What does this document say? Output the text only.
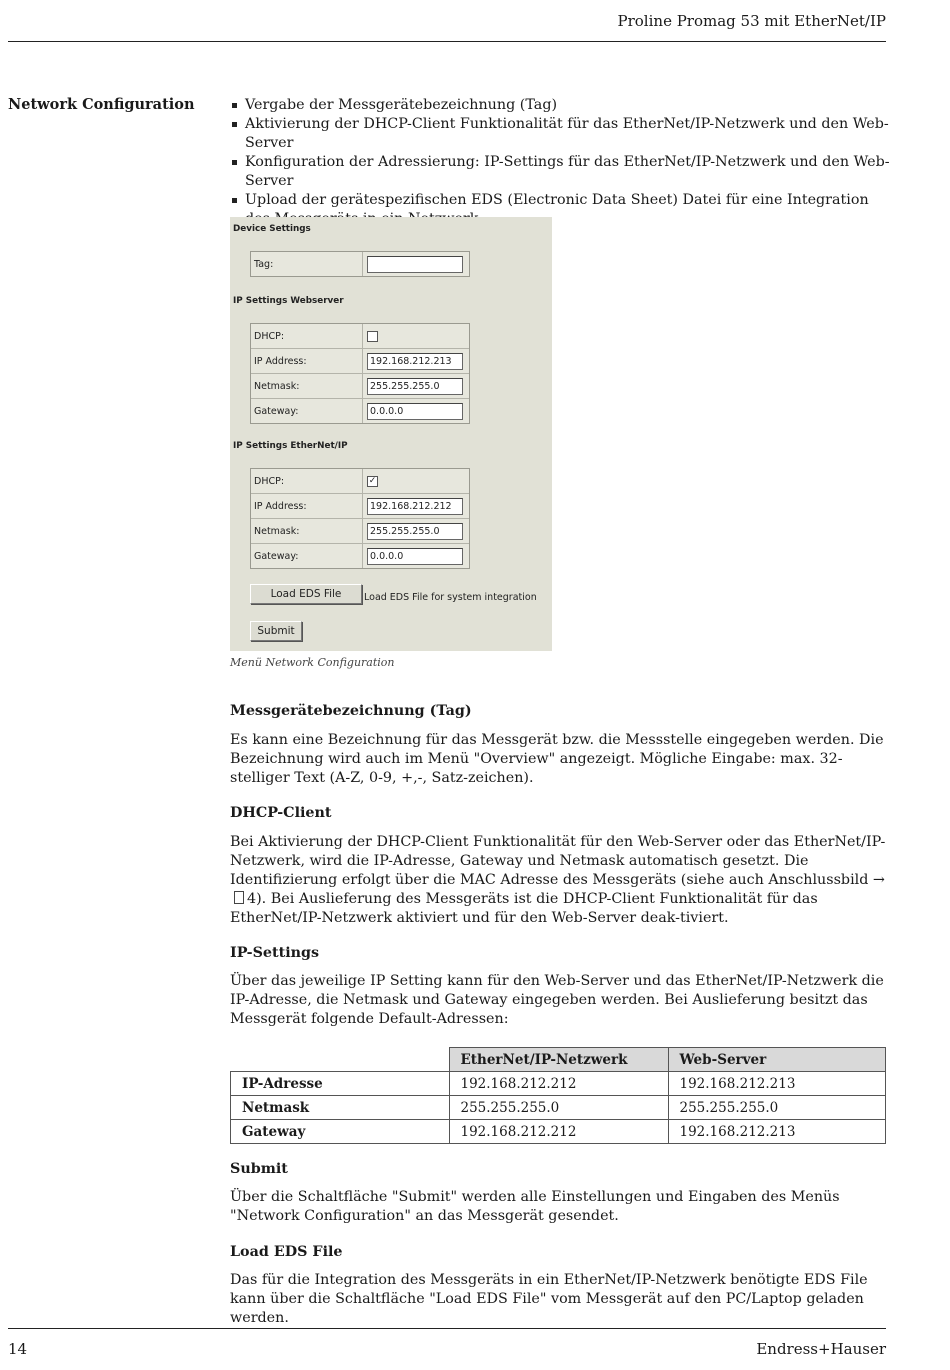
Proline Promag 53 mit EtherNet/IP
Network Configuration	Vergabe der Messgerätebezeichnung (Tag)
Aktivierung der DHCP-Client Funktionalität für das EtherNet/IP-Netzwerk und den Web-Server
Konfiguration der Adressierung: IP-Settings für das EtherNet/IP-Netzwerk und den Web-Server
Upload der gerätespezifischen EDS (Electronic Data Sheet) Datei für eine Integration
Device Settings
Tag:
IP Settings Webserver
DHCP:
IP Address:	192.168.212.213
Netmask:	255.255.255.0
Gateway:	0.0.0.0
IP Settings EtherNet/IP
DHCP:	✓
IP Address:	192.168.212.212
Netmask:	255.255.255.0
Gateway:	0.0.0.0
Load EDS File	Load EDS File for system integration
Submit
Menü Network Configuration
Messgerätebezeichnung (Tag)

Es kann eine Bezeichnung für das Messgerät bzw. die Messstelle eingegeben werden. Die Bezeichnung wird auch im Menü "Overview" angezeigt. Mögliche Eingabe: max. 32-stelliger Text (A-Z, 0-9, +,-, Satz-zeichen).

DHCP-Client

Bei Aktivierung der DHCP-Client Funktionalität für den Web-Server oder das EtherNet/IP-Netzwerk, wird die IP-Adresse, Gateway und Netmask automatisch gesetzt. Die Identifizierung erfolgt über die MAC Adresse des Messgeräts (siehe auch Anschlussbild →4). Bei Auslieferung des Messgeräts ist die DHCP-Client Funktionalität für das EtherNet/IP-Netzwerk aktiviert und für den Web-Server deak-tiviert.

IP-Settings

Über das jeweilige IP Setting kann für den Web-Server und das EtherNet/IP-Netzwerk die IP-Adresse, die Netmask und Gateway eingegeben werden. Bei Auslieferung besitzt das Messgerät folgende Default-Adressen:

	EtherNet/IP-Netzwerk	Web-Server
IP-Adresse	192.168.212.212	192.168.212.213
Netmask	255.255.255.0	255.255.255.0
Gateway	192.168.212.212	192.168.212.213
Submit

Über die Schaltfläche "Submit" werden alle Einstellungen und Eingaben des Menüs "Network Configuration" an das Messgerät gesendet.

Load EDS File

Das für die Integration des Messgeräts in ein EtherNet/IP-Netzwerk benötigte EDS File kann über die Schaltfläche "Load EDS File" vom Messgerät auf den PC/Laptop geladen werden.

14	Endress+Hauser
